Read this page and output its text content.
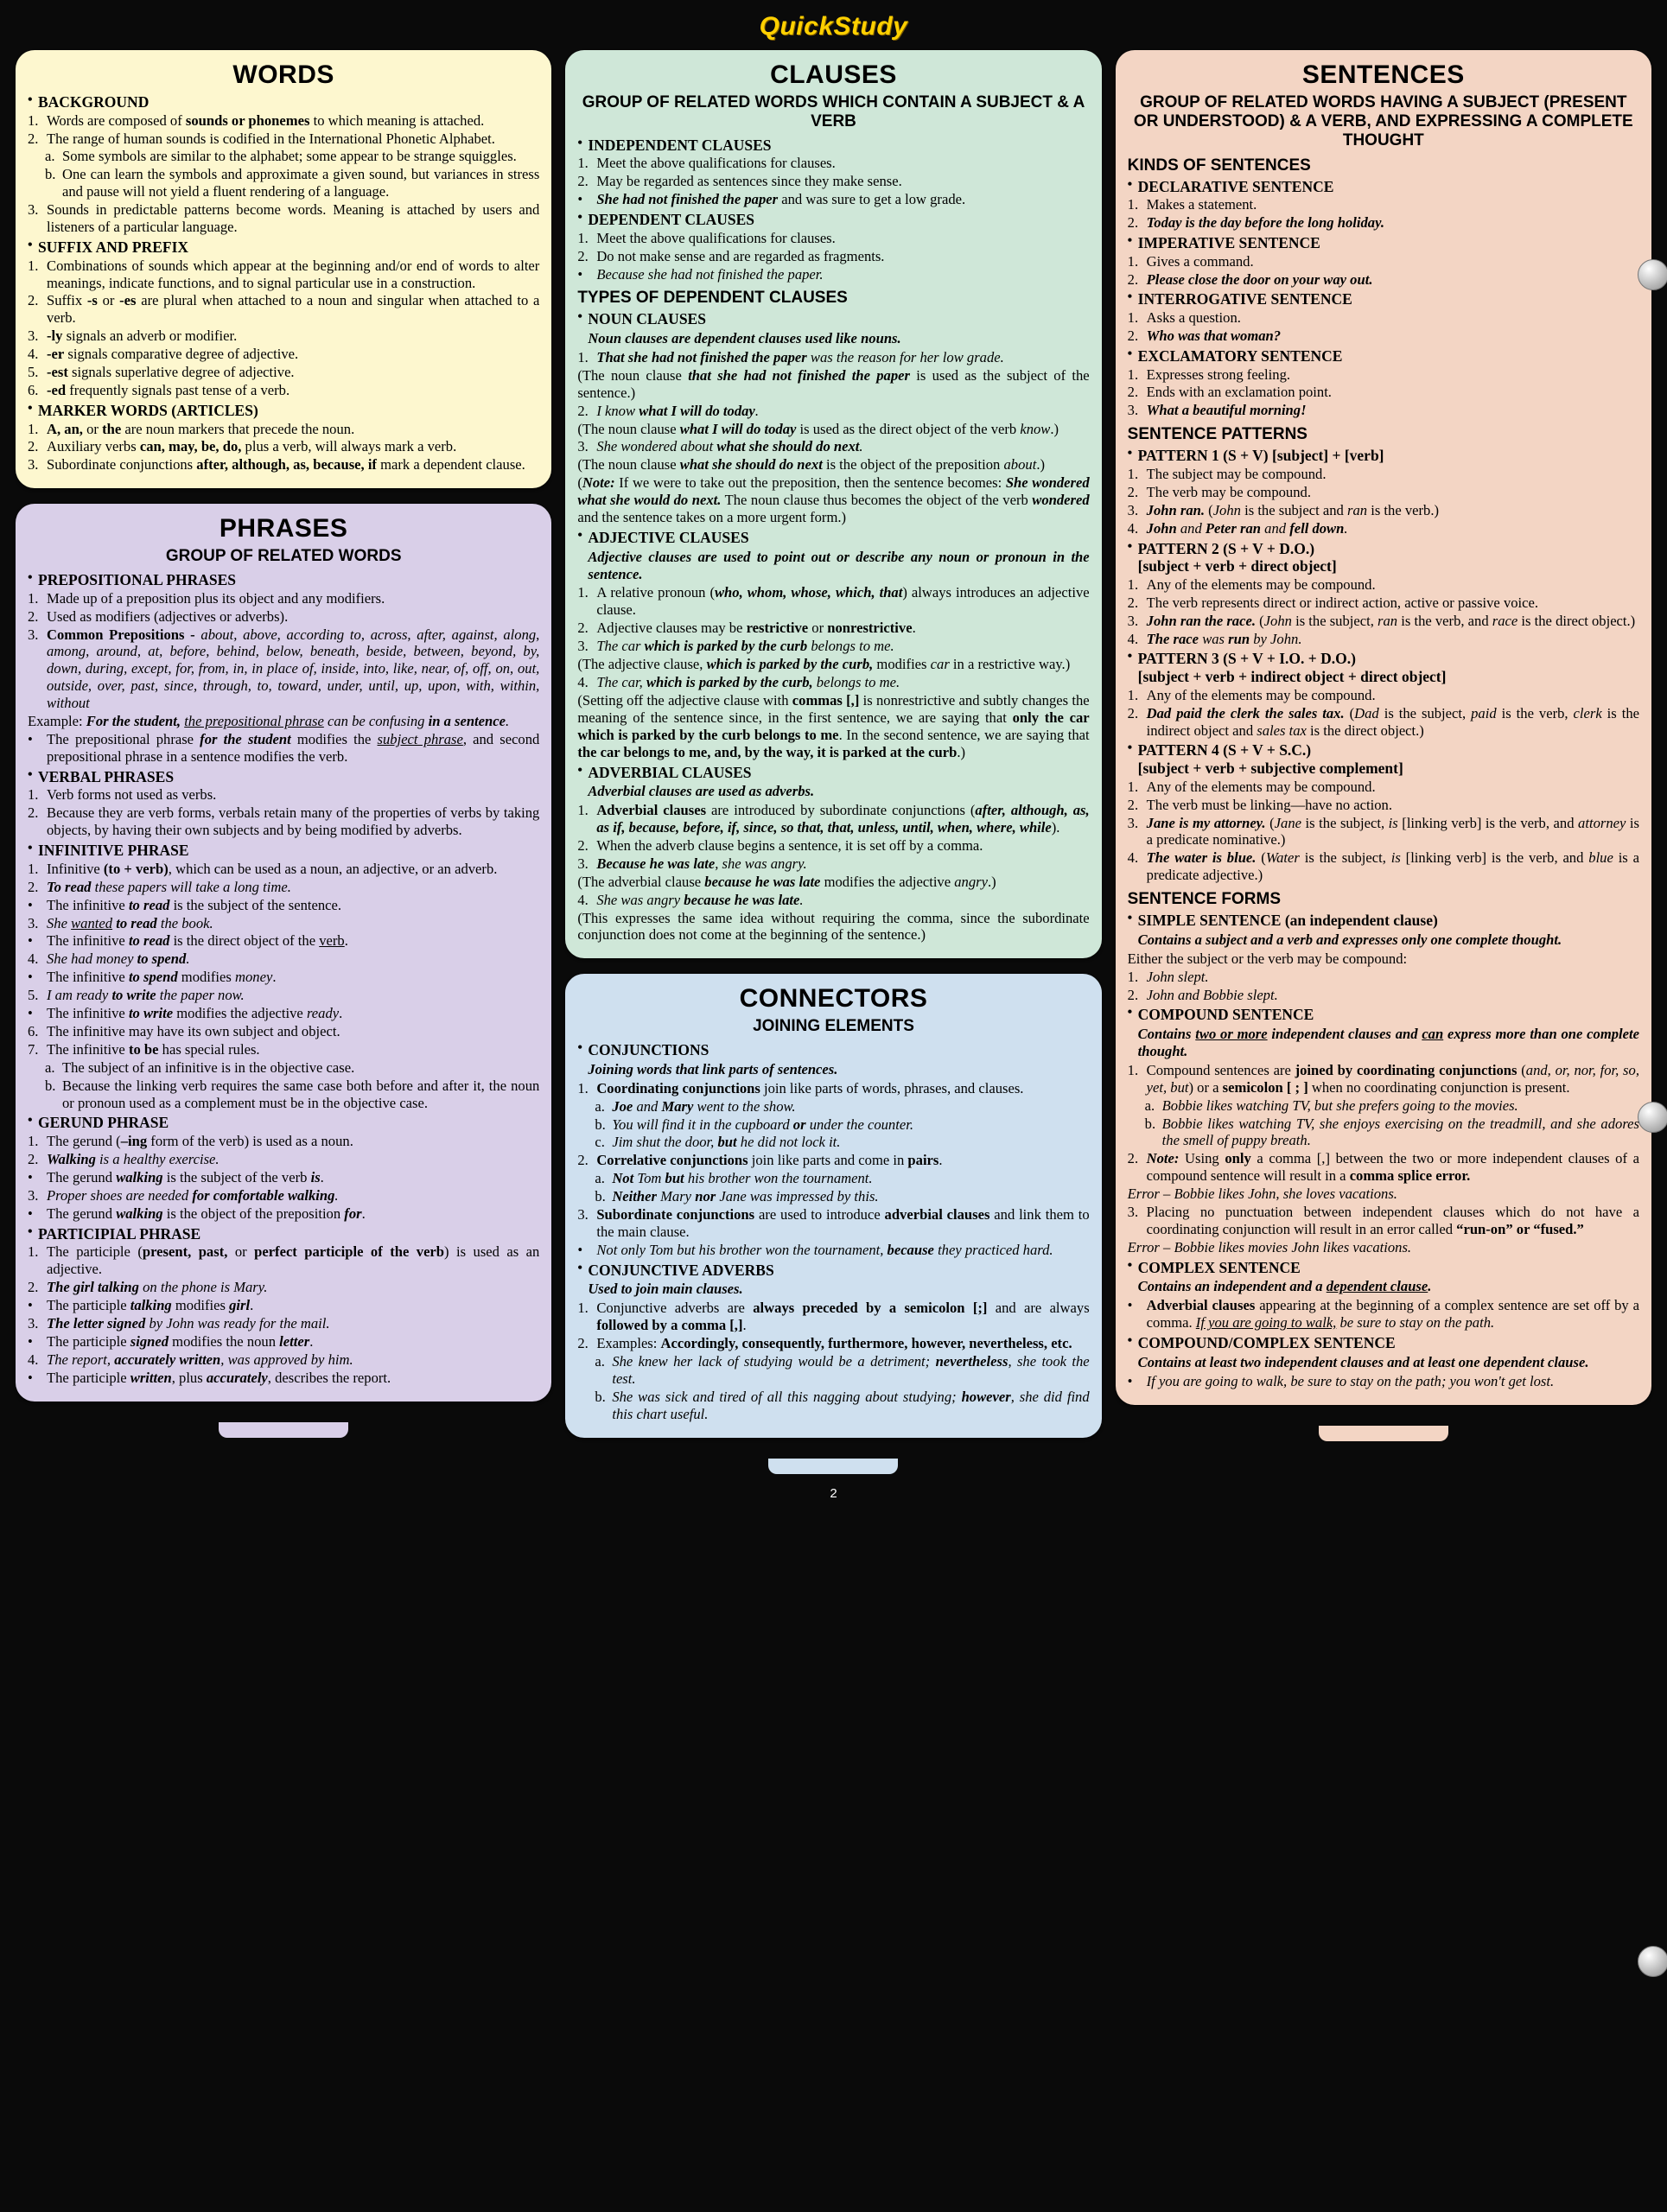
QuickStudy
WORDS
• BACKGROUND
1. Words are composed of sounds or phonemes to which meaning is attached.
2. The range of human sounds is codified in the International Phonetic Alphabet.
a. Some symbols are similar to the alphabet; some appear to be strange squiggles.
b. One can learn the symbols and approximate a given sound, but variances in stress and pause will not yield a fluent rendering of a language.
3. Sounds in predictable patterns become words. Meaning is attached by users and listeners of a particular language.
• SUFFIX AND PREFIX
1. Combinations of sounds which appear at the beginning and/or end of words to alter meanings, indicate functions, and to signal particular use in a construction.
2. Suffix -s or -es are plural when attached to a noun and singular when attached to a verb.
3. -ly signals an adverb or modifier.
4. -er signals comparative degree of adjective.
5. -est signals superlative degree of adjective.
6. -ed frequently signals past tense of a verb.
• MARKER WORDS (ARTICLES)
1. A, an, or the are noun markers that precede the noun.
2. Auxiliary verbs can, may, be, do, plus a verb, will always mark a verb.
3. Subordinate conjunctions after, although, as, because, if mark a dependent clause.
PHRASES
GROUP OF RELATED WORDS
• PREPOSITIONAL PHRASES
1. Made up of a preposition plus its object and any modifiers.
2. Used as modifiers (adjectives or adverbs).
3. Common Prepositions - about, above, according to, across, after, against, along, among, around, at, before, behind, below, beneath, beside, between, beyond, by, down, during, except, for, from, in, in place of, inside, into, like, near, of, off, on, out, outside, over, past, since, through, to, toward, under, until, up, upon, with, within, without
Example: For the student, the prepositional phrase can be confusing in a sentence.
• The prepositional phrase for the student modifies the subject phrase, and second prepositional phrase in a sentence modifies the verb.
• VERBAL PHRASES
1. Verb forms not used as verbs.
2. Because they are verb forms, verbals retain many of the properties of verbs by taking objects, by having their own subjects and by being modified by adverbs.
• INFINITIVE PHRASE
1. Infinitive (to + verb), which can be used as a noun, an adjective, or an adverb.
2. To read these papers will take a long time.
• The infinitive to read is the subject of the sentence.
3. She wanted to read the book.
• The infinitive to read is the direct object of the verb.
4. She had money to spend.
• The infinitive to spend modifies money.
5. I am ready to write the paper now.
• The infinitive to write modifies the adjective ready.
6. The infinitive may have its own subject and object.
7. The infinitive to be has special rules.
a. The subject of an infinitive is in the objective case.
b. Because the linking verb requires the same case both before and after it, the noun or pronoun used as a complement must be in the objective case.
• GERUND PHRASE
1. The gerund (–ing form of the verb) is used as a noun.
2. Walking is a healthy exercise.
• The gerund walking is the subject of the verb is.
3. Proper shoes are needed for comfortable walking.
• The gerund walking is the object of the preposition for.
• PARTICIPIAL PHRASE
1. The participle (present, past, or perfect participle of the verb) is used as an adjective.
2. The girl talking on the phone is Mary.
• The participle talking modifies girl.
3. The letter signed by John was ready for the mail.
• The participle signed modifies the noun letter.
4. The report, accurately written, was approved by him.
• The participle written, plus accurately, describes the report.
CLAUSES
GROUP OF RELATED WORDS WHICH CONTAIN A SUBJECT & A VERB
• INDEPENDENT CLAUSES
1. Meet the above qualifications for clauses.
2. May be regarded as sentences since they make sense.
• She had not finished the paper and was sure to get a low grade.
• DEPENDENT CLAUSES
1. Meet the above qualifications for clauses.
2. Do not make sense and are regarded as fragments.
• Because she had not finished the paper.
TYPES OF DEPENDENT CLAUSES
• NOUN CLAUSES
Noun clauses are dependent clauses used like nouns.
1. That she had not finished the paper was the reason for her low grade.
(The noun clause that she had not finished the paper is used as the subject of the sentence.)
2. I know what I will do today.
(The noun clause what I will do today is used as the direct object of the verb know.)
3. She wondered about what she should do next.
(The noun clause what she should do next is the object of the preposition about.)
(Note: If we were to take out the preposition, then the sentence becomes: She wondered what she would do next. The noun clause thus becomes the object of the verb wondered and the sentence takes on a more urgent form.)
• ADJECTIVE CLAUSES
Adjective clauses are used to point out or describe any noun or pronoun in the sentence.
1. A relative pronoun (who, whom, whose, which, that) always introduces an adjective clause.
2. Adjective clauses may be restrictive or nonrestrictive.
3. The car which is parked by the curb belongs to me.
(The adjective clause, which is parked by the curb, modifies car in a restrictive way.)
4. The car, which is parked by the curb, belongs to me.
(Setting off the adjective clause with commas [,] is nonrestrictive and subtly changes the meaning of the sentence since, in the first sentence, we are saying that only the car which is parked by the curb belongs to me. In the second sentence, we are saying that the car belongs to me, and, by the way, it is parked at the curb.)
• ADVERBIAL CLAUSES
Adverbial clauses are used as adverbs.
1. Adverbial clauses are introduced by subordinate conjunctions (after, although, as, as if, because, before, if, since, so that, that, unless, until, when, where, while).
2. When the adverb clause begins a sentence, it is set off by a comma.
3. Because he was late, she was angry.
(The adverbial clause because he was late modifies the adjective angry.)
4. She was angry because he was late.
(This expresses the same idea without requiring the comma, since the subordinate conjunction does not come at the beginning of the sentence.)
CONNECTORS
JOINING ELEMENTS
• CONJUNCTIONS
Joining words that link parts of sentences.
1. Coordinating conjunctions join like parts of words, phrases, and clauses.
a. Joe and Mary went to the show.
b. You will find it in the cupboard or under the counter.
c. Jim shut the door, but he did not lock it.
2. Correlative conjunctions join like parts and come in pairs.
a. Not Tom but his brother won the tournament.
b. Neither Mary nor Jane was impressed by this.
3. Subordinate conjunctions are used to introduce adverbial clauses and link them to the main clause.
• Not only Tom but his brother won the tournament, because they practiced hard.
• CONJUNCTIVE ADVERBS
Used to join main clauses.
1. Conjunctive adverbs are always preceded by a semicolon [;] and are always followed by a comma [,].
2. Examples: Accordingly, consequently, furthermore, however, nevertheless, etc.
a. She knew her lack of studying would be a detriment; nevertheless, she took the test.
b. She was sick and tired of all this nagging about studying; however, she did find this chart useful.
SENTENCES
GROUP OF RELATED WORDS HAVING A SUBJECT (PRESENT OR UNDERSTOOD) & A VERB, AND EXPRESSING A COMPLETE THOUGHT
KINDS OF SENTENCES
• DECLARATIVE SENTENCE
1. Makes a statement.
2. Today is the day before the long holiday.
• IMPERATIVE SENTENCE
1. Gives a command.
2. Please close the door on your way out.
• INTERROGATIVE SENTENCE
1. Asks a question.
2. Who was that woman?
• EXCLAMATORY SENTENCE
1. Expresses strong feeling.
2. Ends with an exclamation point.
3. What a beautiful morning!
SENTENCE PATTERNS
• PATTERN 1 (S + V) [subject] + [verb]
1. The subject may be compound.
2. The verb may be compound.
3. John ran. (John is the subject and ran is the verb.)
4. John and Peter ran and fell down.
• PATTERN 2 (S + V + D.O.)
[subject + verb + direct object]
1. Any of the elements may be compound.
2. The verb represents direct or indirect action, active or passive voice.
3. John ran the race. (John is the subject, ran is the verb, and race is the direct object.)
4. The race was run by John.
• PATTERN 3 (S + V + I.O. + D.O.)
[subject + verb + indirect object + direct object]
1. Any of the elements may be compound.
2. Dad paid the clerk the sales tax. (Dad is the subject, paid is the verb, clerk is the indirect object and sales tax is the direct object.)
• PATTERN 4 (S + V + S.C.)
[subject + verb + subjective complement]
1. Any of the elements may be compound.
2. The verb must be linking—have no action.
3. Jane is my attorney. (Jane is the subject, is [linking verb] is the verb, and attorney is a predicate nominative.)
4. The water is blue. (Water is the subject, is [linking verb] is the verb, and blue is a predicate adjective.)
SENTENCE FORMS
• SIMPLE SENTENCE (an independent clause)
Contains a subject and a verb and expresses only one complete thought.
Either the subject or the verb may be compound:
1. John slept.
2. John and Bobbie slept.
• COMPOUND SENTENCE
Contains two or more independent clauses and can express more than one complete thought.
1. Compound sentences are joined by coordinating conjunctions (and, or, nor, for, so, yet, but) or a semicolon [ ; ] when no coordinating conjunction is present.
a. Bobbie likes watching TV, but she prefers going to the movies.
b. Bobbie likes watching TV, she enjoys exercising on the treadmill, and she adores the smell of puppy breath.
2. Note: Using only a comma [,] between the two or more independent clauses of a compound sentence will result in a comma splice error.
Error – Bobbie likes John, she loves vacations.
3. Placing no punctuation between independent clauses which do not have a coordinating conjunction will result in an error called “run-on” or “fused.”
Error – Bobbie likes movies John likes vacations.
• COMPLEX SENTENCE
Contains an independent and a dependent clause.
• Adverbial clauses appearing at the beginning of a complex sentence are set off by a comma. If you are going to walk, be sure to stay on the path.
• COMPOUND/COMPLEX SENTENCE
Contains at least two independent clauses and at least one dependent clause.
• If you are going to walk, be sure to stay on the path; you won't get lost.
2
